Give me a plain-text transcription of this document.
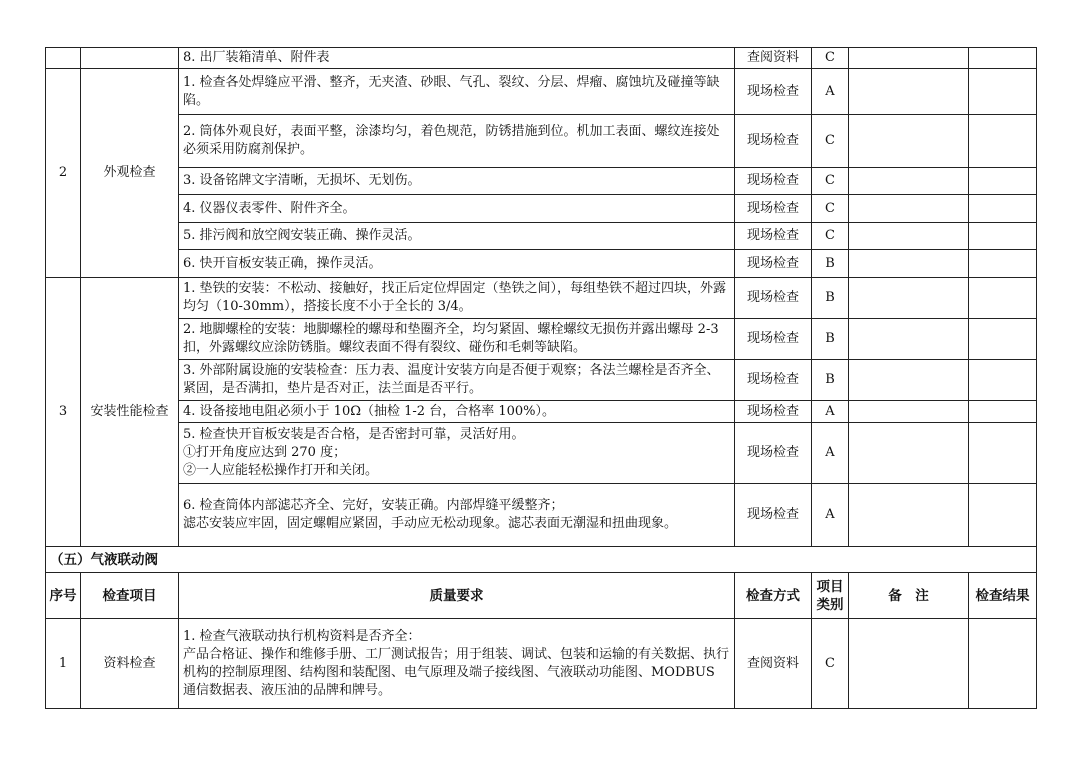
		8. 出厂装箱清单、附件表	查阅资料	C		
2	外观检查	1. 检查各处焊缝应平滑、整齐，无夹渣、砂眼、气孔、裂纹、分层、焊瘤、腐蚀坑及碰撞等缺陷。	现场检查	A		
		2. 筒体外观良好，表面平整，涂漆均匀，着色规范，防锈措施到位。机加工表面、螺纹连接处必须采用防腐剂保护。	现场检查	C		
		3. 设备铭牌文字清晰，无损坏、无划伤。	现场检查	C		
		4. 仪器仪表零件、附件齐全。	现场检查	C		
		5. 排污阀和放空阀安装正确、操作灵活。	现场检查	C		
		6. 快开盲板安装正确，操作灵活。	现场检查	B		
3	安装性能检查	1. 垫铁的安装：不松动、接触好，找正后定位焊固定（垫铁之间），每组垫铁不超过四块，外露均匀（10-30mm），搭接长度不小于全长的 3/4。	现场检查	B		
		2. 地脚螺栓的安装：地脚螺栓的螺母和垫圈齐全，均匀紧固、螺栓螺纹无损伤并露出螺母 2-3 扣，外露螺纹应涂防锈脂。螺纹表面不得有裂纹、碰伤和毛刺等缺陷。	现场检查	B		
		3. 外部附属设施的安装检查：压力表、温度计安装方向是否便于观察；各法兰螺栓是否齐全、紧固，是否满扣，垫片是否对正，法兰面是否平行。	现场检查	B		
		4. 设备接地电阻必须小于 10Ω（抽检 1-2 台，合格率 100%）。	现场检查	A		

		5. 检查快开盲板安装是否合格，是否密封可靠，灵活好用。
①打开角度应达到 270 度；
②一人应能轻松操作打开和关闭。	现场检查	A		

		6. 检查筒体内部滤芯齐全、完好，安装正确。内部焊缝平缓整齐；
滤芯安装应牢固，固定螺帽应紧固，手动应无松动现象。滤芯表面无潮湿和扭曲现象。	现场检查	A		
（五）气液联动阀						
序号	检查项目	质量要求	检查方式	项目类别	备　注	检查结果
1	资料检查	1. 检查气液联动执行机构资料是否齐全：
产品合格证、操作和维修手册、工厂测试报告；用于组装、调试、包装和运输的有关数据、执行机构的控制原理图、结构图和装配图、电气原理及端子接线图、气液联动功能图、MODBUS 通信数据表、液压油的品牌和牌号。	查阅资料	C		
